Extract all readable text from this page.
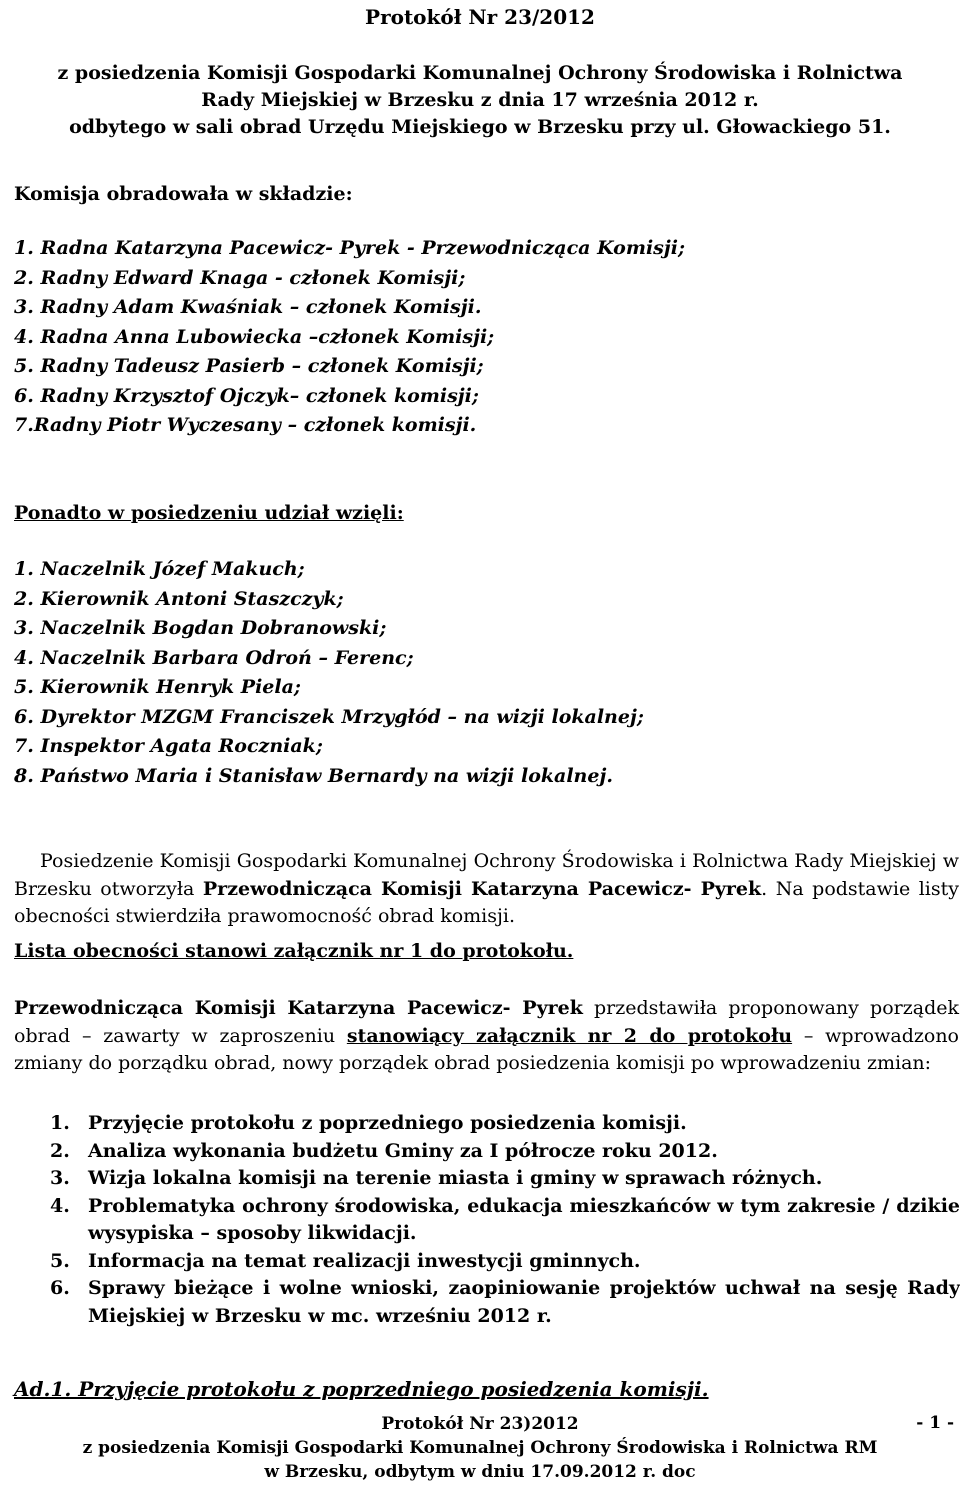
Protokół Nr 23/2012
z posiedzenia Komisji Gospodarki Komunalnej Ochrony Środowiska i Rolnictwa
Rady Miejskiej w Brzesku z dnia 17 września 2012 r.
odbytego w sali obrad Urzędu Miejskiego w Brzesku przy ul. Głowackiego 51.
Komisja obradowała w składzie:
1. Radna Katarzyna Pacewicz- Pyrek - Przewodnicząca Komisji;
2. Radny Edward Knaga - członek Komisji;
3. Radny Adam Kwaśniak – członek Komisji.
4. Radna Anna Lubowiecka –członek Komisji;
5. Radny Tadeusz Pasierb – członek Komisji;
6. Radny Krzysztof Ojczyk– członek komisji;
7.Radny Piotr Wyczesany – członek komisji.
Ponadto w posiedzeniu udział wzięli:
1. Naczelnik Józef Makuch;
2. Kierownik Antoni Staszczyk;
3. Naczelnik Bogdan Dobranowski;
4. Naczelnik Barbara Odroń – Ferenc;
5. Kierownik Henryk Piela;
6. Dyrektor MZGM Franciszek Mrzygłód – na wizji lokalnej;
7. Inspektor Agata Roczniak;
8. Państwo Maria i Stanisław Bernardy na wizji lokalnej.

Posiedzenie Komisji Gospodarki Komunalnej Ochrony Środowiska i Rolnictwa Rady Miejskiej w Brzesku otworzyła Przewodnicząca Komisji Katarzyna Pacewicz- Pyrek. Na podstawie listy obecności stwierdziła prawomocność obrad komisji.

Lista obecności stanowi załącznik nr 1 do protokołu.

Przewodnicząca Komisji Katarzyna Pacewicz- Pyrek przedstawiła proponowany porządek obrad – zawarty w zaproszeniu stanowiący załącznik nr 2 do protokołu – wprowadzono zmiany do porządku obrad, nowy porządek obrad posiedzenia komisji po wprowadzeniu zmian:

1. Przyjęcie protokołu z poprzedniego posiedzenia komisji.
2. Analiza wykonania budżetu Gminy za I półrocze roku 2012.
3. Wizja lokalna komisji na terenie miasta i gminy w sprawach różnych.
4. Problematyka ochrony środowiska, edukacja mieszkańców w tym zakresie / dzikie wysypiska – sposoby likwidacji.
5. Informacja na temat realizacji inwestycji gminnych.
6. Sprawy bieżące i wolne wnioski, zaopiniowanie projektów uchwał na sesję Rady Miejskiej w Brzesku w mc. wrześniu 2012 r.
Ad.1. Przyjęcie protokołu z poprzedniego posiedzenia komisji.
Protokół Nr 23)2012	- 1 -
z posiedzenia Komisji Gospodarki Komunalnej Ochrony Środowiska i Rolnictwa RM
w Brzesku, odbytym w dniu 17.09.2012 r. doc
